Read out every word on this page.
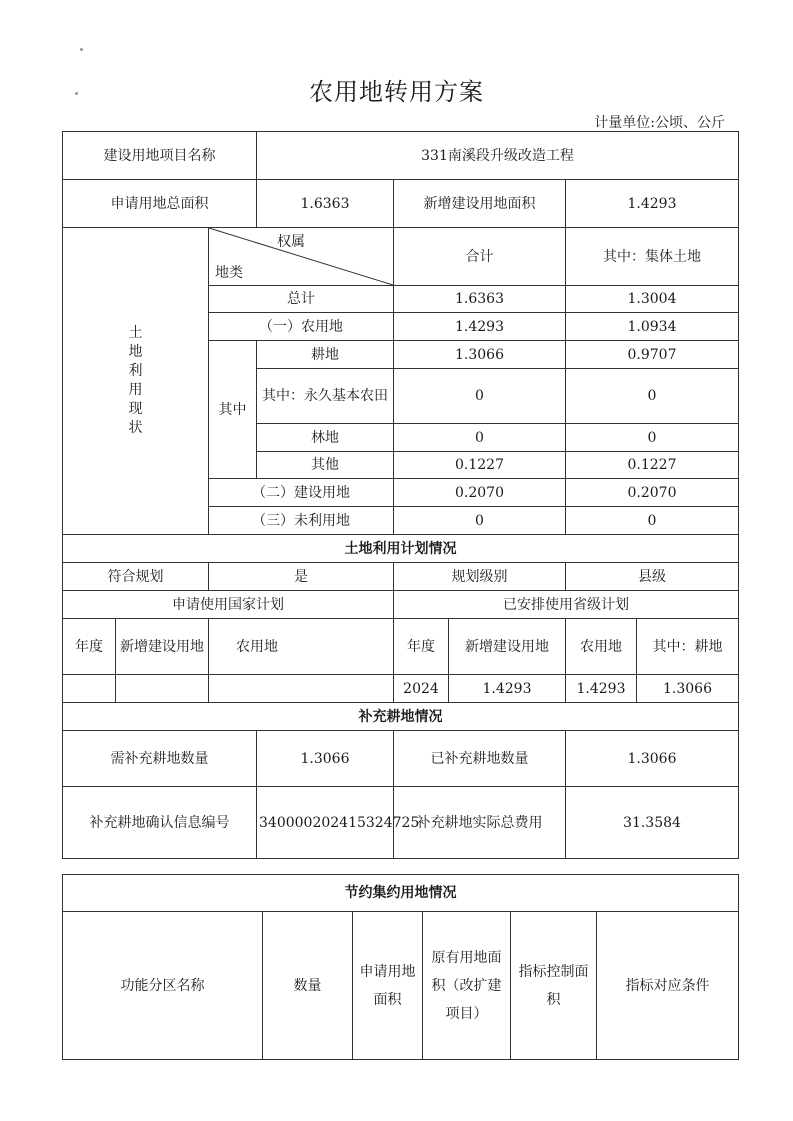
农用地转用方案
计量单位:公顷、公斤
建设用地项目名称			331南溪段升级改造工程				
申请用地总面积			1.6363	新增建设用地面积		1.4293	

土地利用现状		权属
地类		合计		其中：集体土地	
		总计		1.6363		1.3004	
		（一）农用地		1.4293		1.0934	
		其中	耕地	1.3066		0.9707	
			其中：永久基本农田	0		0	
			林地	0		0	
			其他	0.1227		0.1227	
		（二）建设用地		0.2070		0.2070	
		（三）未利用地		0		0	

土地利用计划情况							
符合规划		是		规划级别		县级	
申请使用国家计划				已安排使用省级计划			
年度	新增建设用地	农用地		年度	新增建设用地	农用地	其中：耕地
				2024	1.4293	1.4293	1.3066
补充耕地情况							
需补充耕地数量			1.3066	已补充耕地数量		1.3066	
补充耕地确认信息编号			340000202415324725	补充耕地实际总费用		31.3584	
节约集约用地情况
功能分区名称	数量	申请用地面积	原有用地面积（改扩建项目）	指标控制面积	指标对应条件
